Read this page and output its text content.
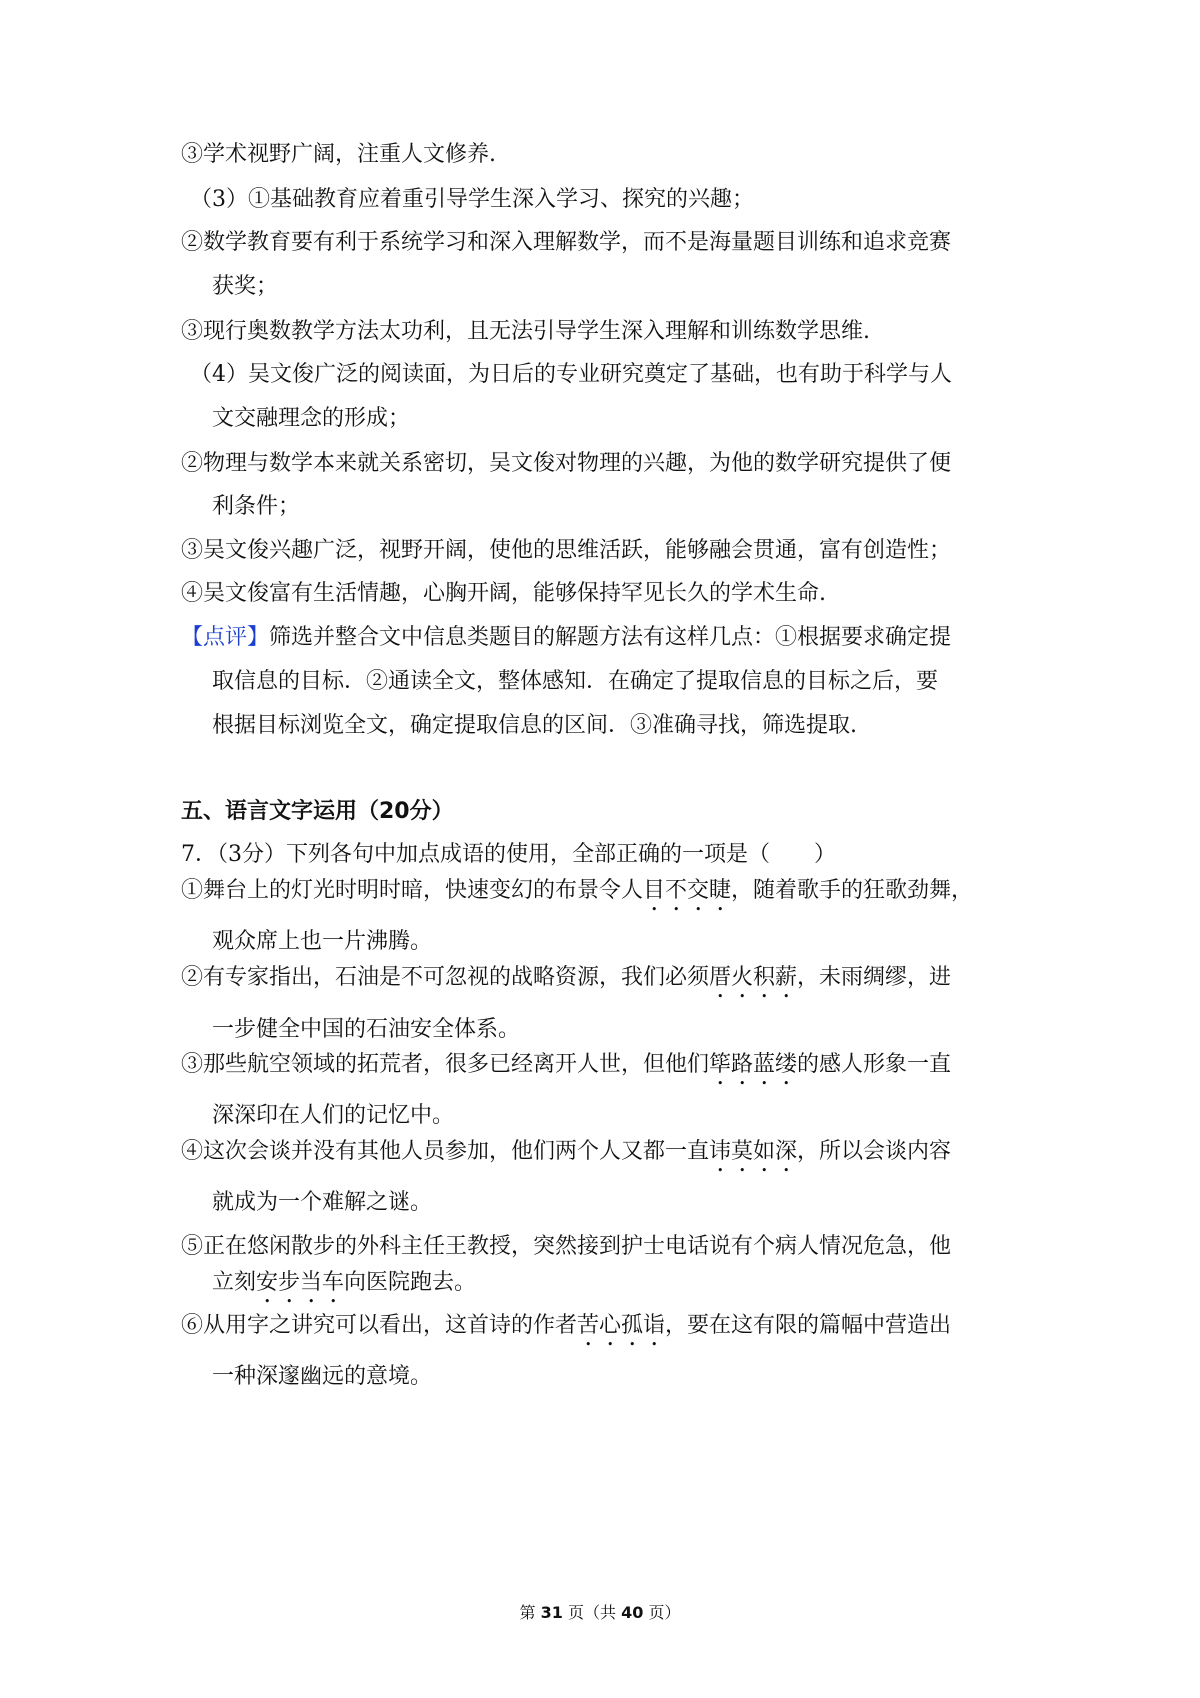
③学术视野广阔，注重人文修养.
（3）①基础教育应着重引导学生深入学习、探究的兴趣；
②数学教育要有利于系统学习和深入理解数学，而不是海量题目训练和追求竞赛
获奖；
③现行奥数教学方法太功利，且无法引导学生深入理解和训练数学思维.
（4）吴文俊广泛的阅读面，为日后的专业研究奠定了基础，也有助于科学与人
文交融理念的形成；
②物理与数学本来就关系密切，吴文俊对物理的兴趣，为他的数学研究提供了便
利条件；
③吴文俊兴趣广泛，视野开阔，使他的思维活跃，能够融会贯通，富有创造性；
④吴文俊富有生活情趣，心胸开阔，能够保持罕见长久的学术生命.
【点评】筛选并整合文中信息类题目的解题方法有这样几点：①根据要求确定提
取信息的目标．②通读全文，整体感知．在确定了提取信息的目标之后，要
根据目标浏览全文，确定提取信息的区间．③准确寻找，筛选提取.
五、语言文字运用（20分）
7．（3分）下列各句中加点成语的使用，全部正确的一项是（　　）
①舞台上的灯光时明时暗，快速变幻的布景令人目不交睫，随着歌手的狂歌劲舞，
观众席上也一片沸腾。
②有专家指出，石油是不可忽视的战略资源，我们必须厝火积薪，未雨绸缪，进
一步健全中国的石油安全体系。
③那些航空领域的拓荒者，很多已经离开人世，但他们筚路蓝缕的感人形象一直
深深印在人们的记忆中。
④这次会谈并没有其他人员参加，他们两个人又都一直讳莫如深，所以会谈内容
就成为一个难解之谜。
⑤正在悠闲散步的外科主任王教授，突然接到护士电话说有个病人情况危急，他
立刻安步当车向医院跑去。
⑥从用字之讲究可以看出，这首诗的作者苦心孤诣，要在这有限的篇幅中营造出
一种深邃幽远的意境。
第 31 页（共 40 页）
